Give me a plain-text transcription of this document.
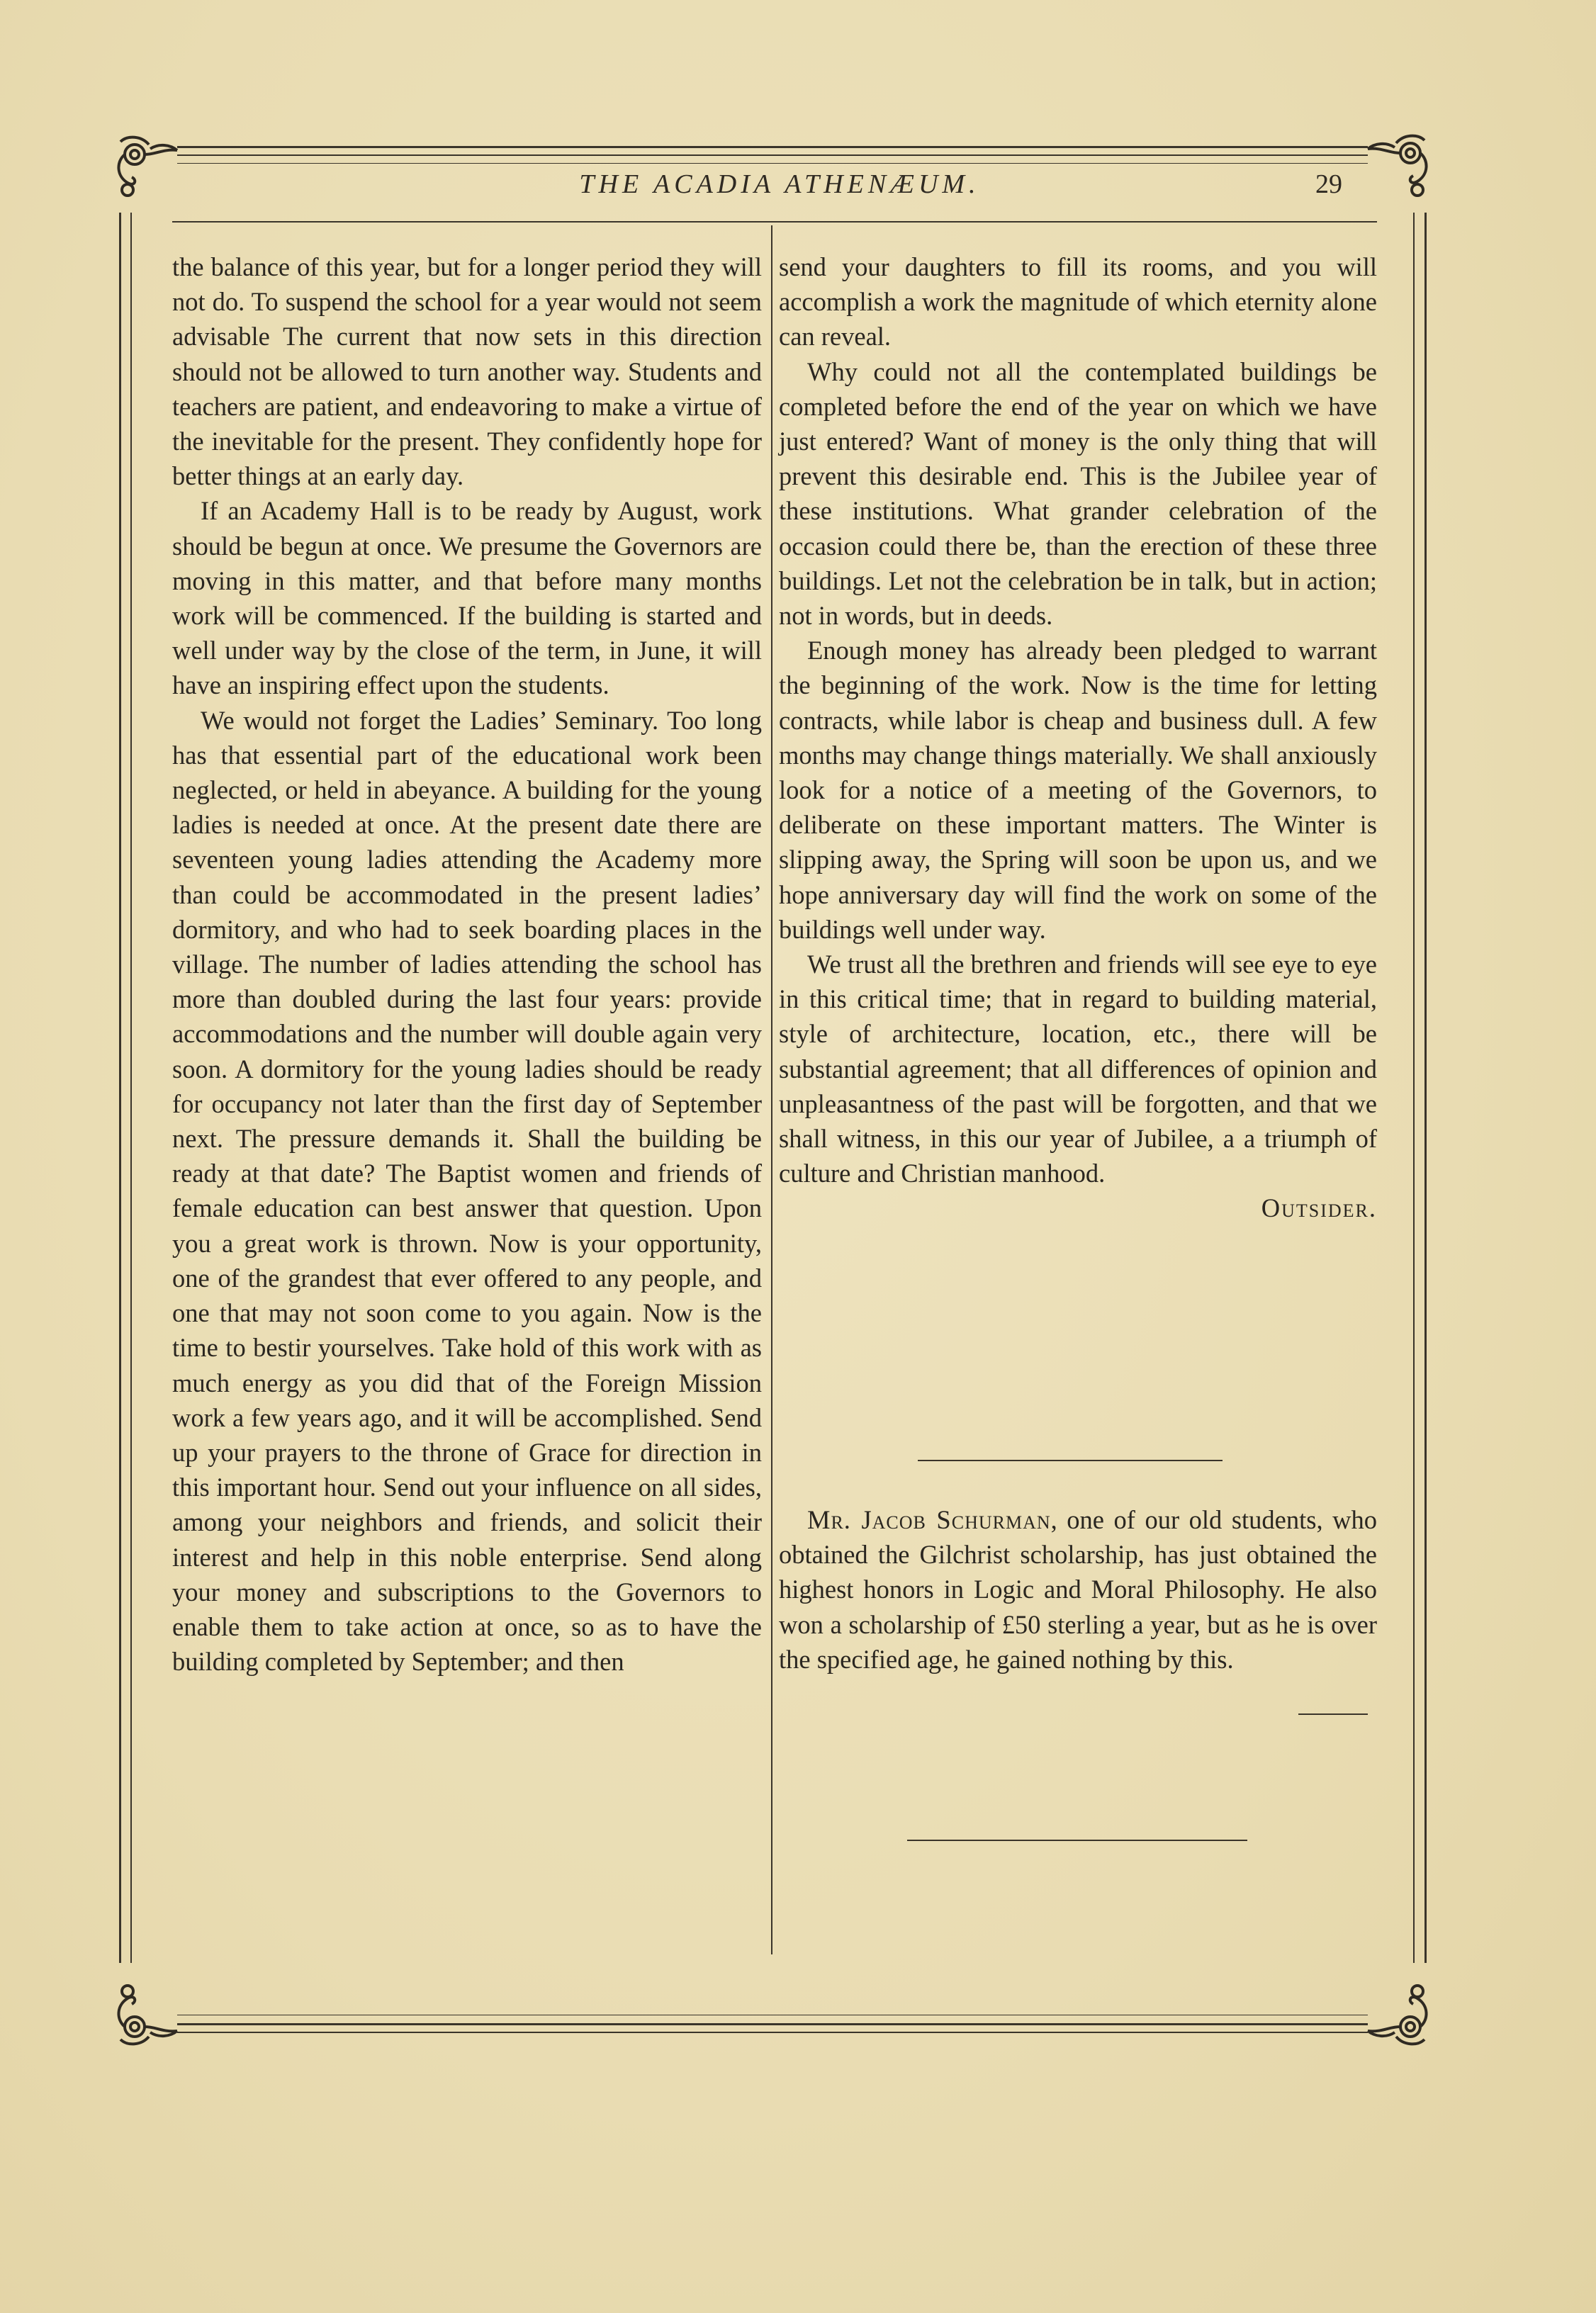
THE ACADIA ATHENÆUM.	29

the balance of this year, but for a longer period they will not do. To suspend the school for a year would not seem advisable The current that now sets in this direction should not be allowed to turn another way. Students and teachers are patient, and endeavoring to make a virtue of the inevitable for the present. They confidently hope for better things at an early day.

If an Academy Hall is to be ready by August, work should be begun at once. We presume the Governors are moving in this matter, and that before many months work will be commenced. If the building is started and well under way by the close of the term, in June, it will have an inspiring effect upon the students.

We would not forget the Ladies’ Seminary. Too long has that essential part of the educational work been neglected, or held in abeyance. A building for the young ladies is needed at once. At the present date there are seventeen young ladies attending the Academy more than could be accommodated in the present ladies’ dormitory, and who had to seek boarding places in the village. The number of ladies attending the school has more than doubled during the last four years: provide accommodations and the number will double again very soon. A dormitory for the young ladies should be ready for occupancy not later than the first day of September next. The pressure demands it. Shall the building be ready at that date? The Baptist women and friends of female education can best answer that question. Upon you a great work is thrown. Now is your opportunity, one of the grandest that ever offered to any people, and one that may not soon come to you again. Now is the time to bestir yourselves. Take hold of this work with as much energy as you did that of the Foreign Mission work a few years ago, and it will be accomplished. Send up your prayers to the throne of Grace for direction in this important hour. Send out your influence on all sides, among your neighbors and friends, and solicit their interest and help in this noble enterprise. Send along your money and subscriptions to the Governors to enable them to take action at once, so as to have the building completed by September; and then

send your daughters to fill its rooms, and you will accomplish a work the magnitude of which eternity alone can reveal.

Why could not all the contemplated buildings be completed before the end of the year on which we have just entered? Want of money is the only thing that will prevent this desirable end. This is the Jubilee year of these institutions. What grander celebration of the occasion could there be, than the erection of these three buildings. Let not the celebration be in talk, but in action; not in words, but in deeds.

Enough money has already been pledged to warrant the beginning of the work. Now is the time for letting contracts, while labor is cheap and business dull. A few months may change things materially. We shall anxiously look for a notice of a meeting of the Governors, to deliberate on these important matters. The Winter is slipping away, the Spring will soon be upon us, and we hope anniversary day will find the work on some of the buildings well under way.

We trust all the brethren and friends will see eye to eye in this critical time; that in regard to building material, style of architecture, location, etc., there will be substantial agreement; that all differences of opinion and unpleasantness of the past will be forgotten, and that we shall witness, in this our year of Jubilee, a a triumph of culture and Christian manhood.

Outsider.

Mr. Jacob Schurman, one of our old students, who obtained the Gilchrist scholarship, has just obtained the highest honors in Logic and Moral Philosophy. He also won a scholarship of £50 sterling a year, but as he is over the specified age, he gained nothing by this.
